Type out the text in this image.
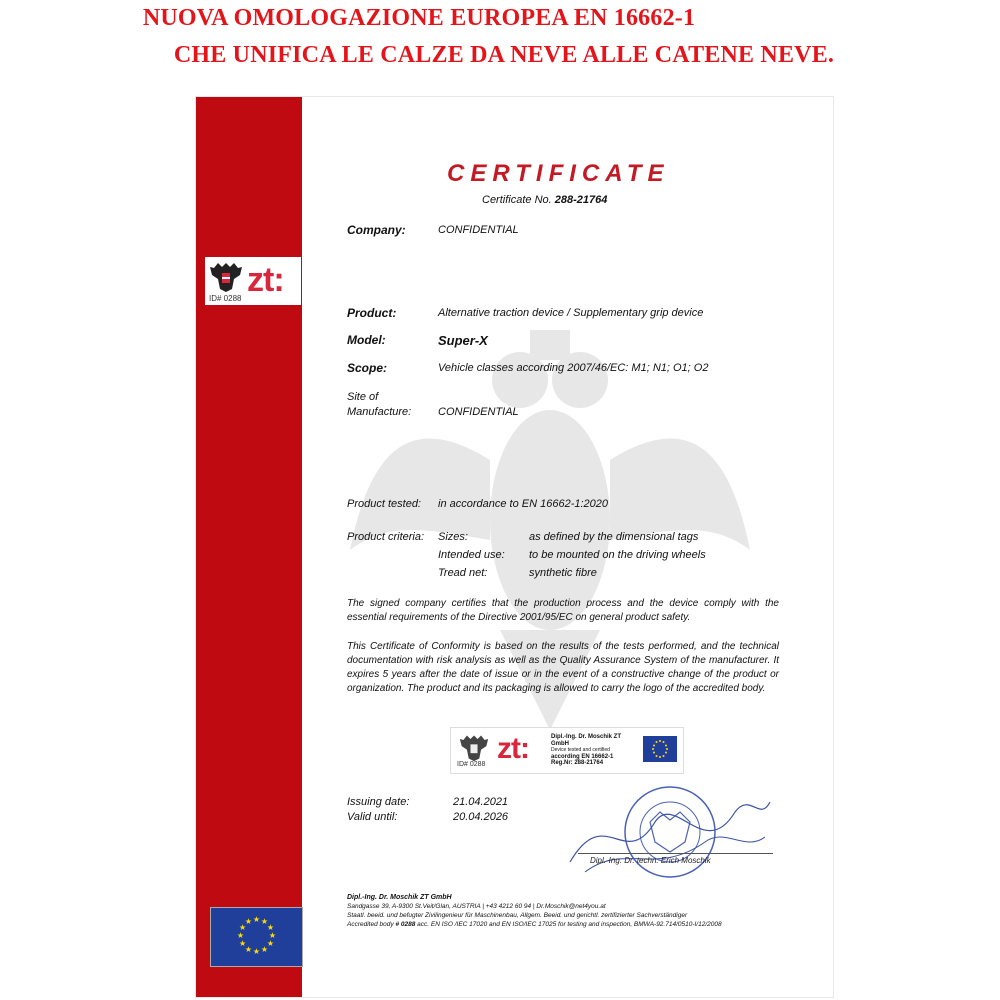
NUOVA OMOLOGAZIONE EUROPEA EN 16662-1
CHE UNIFICA LE CALZE DA NEVE ALLE CATENE NEVE.
zt:
ID# 0288
★ ★
★
★
★
★
★
★
★
★
★
★
CERTIFICATE
Certificate No. 288-21764
Company:	CONFIDENTIAL
Product:	Alternative traction device / Supplementary grip device
Model:	Super-X
Scope:	Vehicle classes according 2007/46/EC: M1; N1; O1; O2
Site of
Manufacture: CONFIDENTIAL
Product tested: in accordance to EN 16662-1:2020
Product criteria: Sizes:	as defined by the dimensional tags
Intended use: to be mounted on the driving wheels
Tread net:	synthetic fibre
The signed company certifies that the production process and the device comply with the essential requirements of the Directive 2001/95/EC on general product safety.
This Certificate of Conformity is based on the results of the tests performed, and the technical documentation with risk analysis as well as the Quality Assurance System of the manufacturer. It expires 5 years after the date of issue or in the event of a constructive change of the product or organization. The product and its packaging is allowed to carry the logo of the accredited body.
zt:
ID# 0288
Dipl.-Ing. Dr. Moschik ZT GmbH
Device tested and certified
according EN 16662-1
Reg.Nr: 288-21764
Issuing date:	21.04.2021
Valid until:	20.04.2026
Dipl.-Ing. Dr. techn. Erich Moschik
Dipl.-Ing. Dr. Moschik ZT GmbH
Sandgasse 39, A-9300 St.Veit/Glan, AUSTRIA | +43 4212 60 94 | Dr.Moschik@net4you.at
Staatl. beeid. und befugter Zivilingenieur für Maschinenbau, Allgem. Beeid. und gerichtl. zertifizierter Sachverständiger
Accredited body # 0288 acc. EN ISO /IEC 17020 and EN ISO/IEC 17025 for testing and inspection, BMWA-92.714/0510-I/12/2008
